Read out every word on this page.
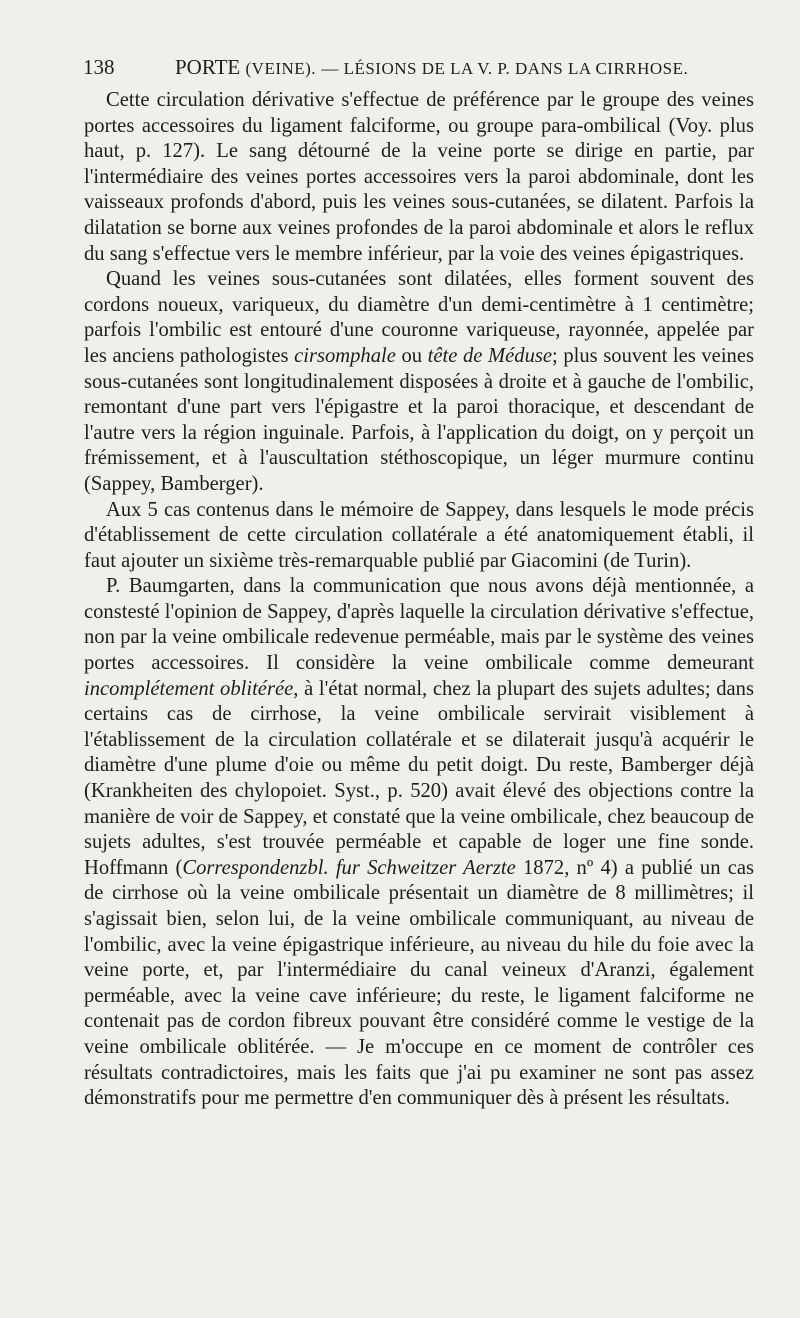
138	PORTE (VEINE). — LÉSIONS DE LA V. P. DANS LA CIRRHOSE.

Cette circulation dérivative s'effectue de préférence par le groupe des veines portes accessoires du ligament falciforme, ou groupe para-ombilical (Voy. plus haut, p. 127). Le sang détourné de la veine porte se dirige en partie, par l'intermédiaire des veines portes accessoires vers la paroi abdominale, dont les vaisseaux profonds d'abord, puis les veines sous-cutanées, se dilatent. Parfois la dilatation se borne aux veines profondes de la paroi abdominale et alors le reflux du sang s'effectue vers le membre inférieur, par la voie des veines épigastriques.

Quand les veines sous-cutanées sont dilatées, elles forment souvent des cordons noueux, variqueux, du diamètre d'un demi-centimètre à 1 centimètre; parfois l'ombilic est entouré d'une couronne variqueuse, rayonnée, appelée par les anciens pathologistes cirsomphale ou tête de Méduse; plus souvent les veines sous-cutanées sont longitudinalement disposées à droite et à gauche de l'ombilic, remontant d'une part vers l'épigastre et la paroi thoracique, et descendant de l'autre vers la région inguinale. Parfois, à l'application du doigt, on y perçoit un frémissement, et à l'auscultation stéthoscopique, un léger murmure continu (Sappey, Bamberger).

Aux 5 cas contenus dans le mémoire de Sappey, dans lesquels le mode précis d'établissement de cette circulation collatérale a été anatomiquement établi, il faut ajouter un sixième très-remarquable publié par Giacomini (de Turin).

P. Baumgarten, dans la communication que nous avons déjà mentionnée, a constesté l'opinion de Sappey, d'après laquelle la circulation dérivative s'effectue, non par la veine ombilicale redevenue perméable, mais par le système des veines portes accessoires. Il considère la veine ombilicale comme demeurant incomplétement oblitérée, à l'état normal, chez la plupart des sujets adultes; dans certains cas de cirrhose, la veine ombilicale servirait visiblement à l'établissement de la circulation collatérale et se dilaterait jusqu'à acquérir le diamètre d'une plume d'oie ou même du petit doigt. Du reste, Bamberger déjà (Krankheiten des chylopoiet. Syst., p. 520) avait élevé des objections contre la manière de voir de Sappey, et constaté que la veine ombilicale, chez beaucoup de sujets adultes, s'est trouvée perméable et capable de loger une fine sonde. Hoffmann (Correspondenzbl. fur Schweitzer Aerzte 1872, nº 4) a publié un cas de cirrhose où la veine ombilicale présentait un diamètre de 8 millimètres; il s'agissait bien, selon lui, de la veine ombilicale communiquant, au niveau de l'ombilic, avec la veine épigastrique inférieure, au niveau du hile du foie avec la veine porte, et, par l'intermédiaire du canal veineux d'Aranzi, également perméable, avec la veine cave inférieure; du reste, le ligament falciforme ne contenait pas de cordon fibreux pouvant être considéré comme le vestige de la veine ombilicale oblitérée. — Je m'occupe en ce moment de contrôler ces résultats contradictoires, mais les faits que j'ai pu examiner ne sont pas assez démonstratifs pour me permettre d'en communiquer dès à présent les résultats.
